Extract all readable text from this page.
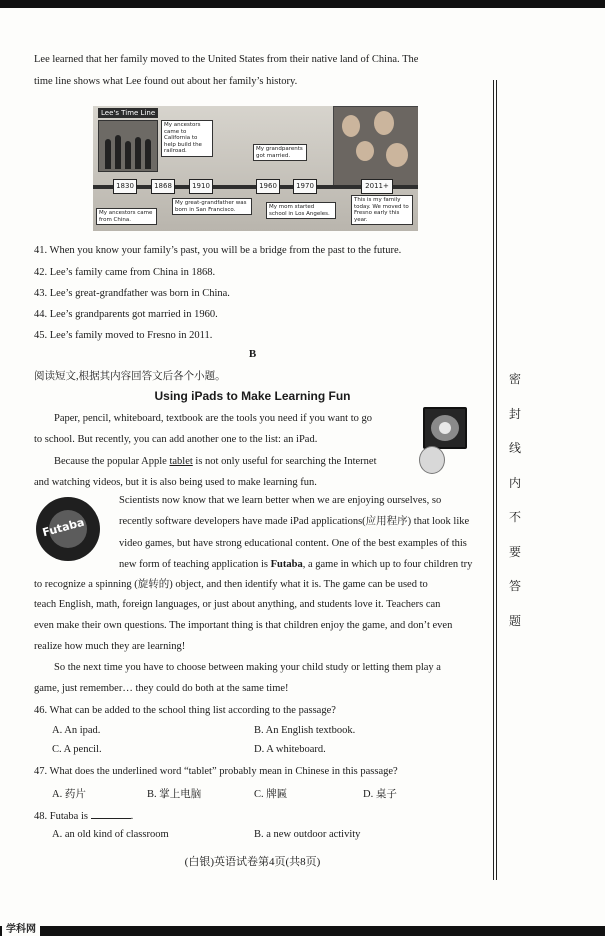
密
封
线
内
不
要
答
题

Lee learned that her family moved to the United States from their native land of China. The

time line shows what Lee found out about her family’s history.

Lee's Time Line
My ancestors came to California to help build the railroad.	My grandparents got married.
1830	1868	1910	1960	1970	2011+
My ancestors came from China.
My great-grandfather was born in San Francisco.	My mom started school in Los Angeles.
This is my family today. We moved to Fresno early this year.

41. When you know your family’s past, you will be a bridge from the past to the future.

42. Lee’s family came from China in 1868.

43. Lee’s great-grandfather was born in China.

44. Lee’s grandparents got married in 1960.

45. Lee’s family moved to Fresno in 2011.

B

阅读短文,根据其内容回答文后各个小题。

Using iPads to Make Learning Fun

Paper, pencil, whiteboard, textbook are the tools you need if you want to go

to school. But recently, you can add another one to the list: an iPad.

Because the popular Apple tablet is not only useful for searching the Internet

and watching videos, but it is also being used to make learning fun.

Scientists now know that we learn better when we are enjoying ourselves, so

recently software developers have made iPad applications(应用程序) that look like

video games, but have strong educational content. One of the best examples of this

new form of teaching application is Futaba, a game in which up to four children try

to recognize a spinning (旋转的) object, and then identify what it is. The game can be used to

teach English, math, foreign languages, or just about anything, and students love it. Teachers can

even make their own questions. The important thing is that children enjoy the game, and don’t even

realize how much they are learning!

So the next time you have to choose between making your child study or letting them play a

game, just remember… they could do both at the same time!

Futaba

46. What can be added to the school thing list according to the passage?

A. An ipad.	B. An English textbook.
C. A pencil.	D. A whiteboard.

47. What does the underlined word “tablet” probably mean in Chinese in this passage?

A. 药片	B. 掌上电脑	C. 牌匾	D. 桌子

48. Futaba is	.

A. an old kind of classroom	B. a new outdoor activity
(白银)英语试卷第4页(共8页)
学科网
